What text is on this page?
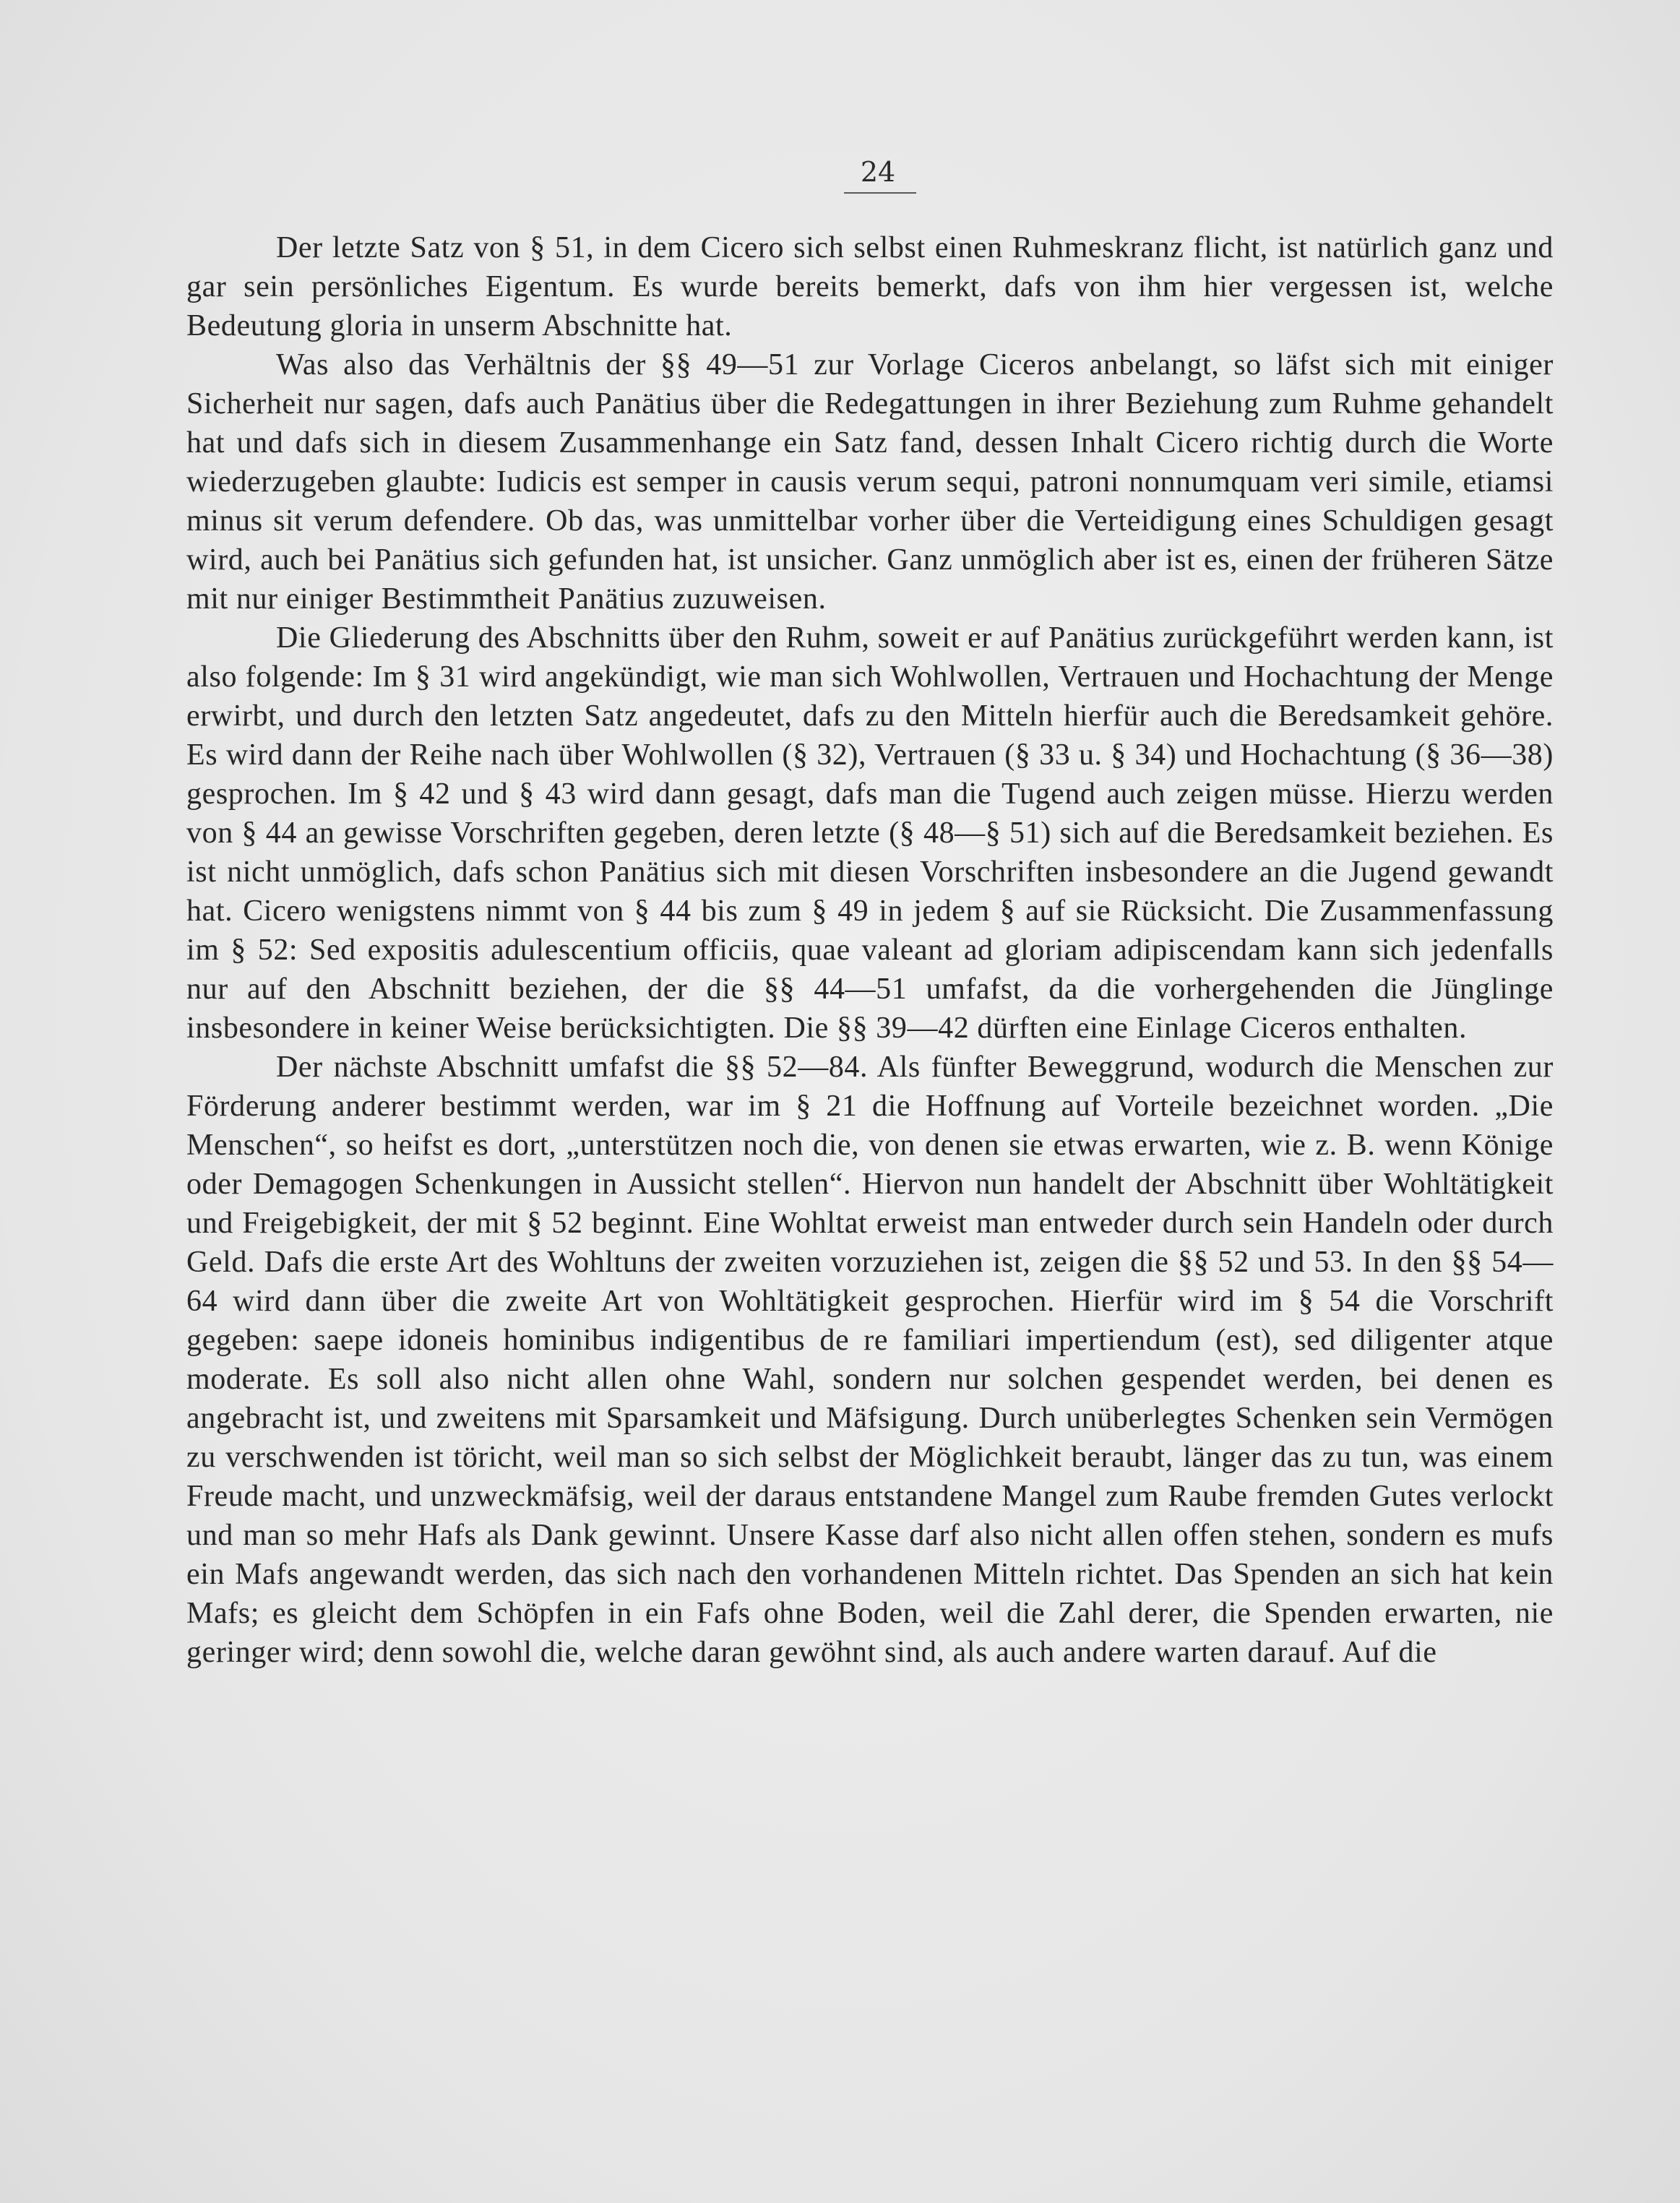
24

Der letzte Satz von § 51, in dem Cicero sich selbst einen Ruhmeskranz flicht, ist natürlich ganz und gar sein persönliches Eigentum. Es wurde bereits bemerkt, dafs von ihm hier vergessen ist, welche Bedeutung gloria in unserm Abschnitte hat.

Was also das Verhältnis der §§ 49—51 zur Vorlage Ciceros anbelangt, so läfst sich mit einiger Sicherheit nur sagen, dafs auch Panätius über die Redegattungen in ihrer Beziehung zum Ruhme gehandelt hat und dafs sich in diesem Zusammenhange ein Satz fand, dessen Inhalt Cicero richtig durch die Worte wiederzugeben glaubte: Iudicis est semper in causis verum sequi, patroni nonnumquam veri simile, etiamsi minus sit verum defendere. Ob das, was unmittelbar vorher über die Verteidigung eines Schuldigen gesagt wird, auch bei Panätius sich gefunden hat, ist unsicher. Ganz unmöglich aber ist es, einen der früheren Sätze mit nur einiger Bestimmtheit Panätius zuzuweisen.

Die Gliederung des Abschnitts über den Ruhm, soweit er auf Panätius zurückgeführt werden kann, ist also folgende: Im § 31 wird angekündigt, wie man sich Wohlwollen, Vertrauen und Hochachtung der Menge erwirbt, und durch den letzten Satz angedeutet, dafs zu den Mitteln hierfür auch die Beredsamkeit gehöre. Es wird dann der Reihe nach über Wohlwollen (§ 32), Vertrauen (§ 33 u. § 34) und Hochachtung (§ 36—38) gesprochen. Im § 42 und § 43 wird dann gesagt, dafs man die Tugend auch zeigen müsse. Hierzu werden von § 44 an gewisse Vorschriften gegeben, deren letzte (§ 48—§ 51) sich auf die Beredsamkeit beziehen. Es ist nicht unmöglich, dafs schon Panätius sich mit diesen Vorschriften insbesondere an die Jugend gewandt hat. Cicero wenigstens nimmt von § 44 bis zum § 49 in jedem § auf sie Rücksicht. Die Zusammenfassung im § 52: Sed expositis adulescentium officiis, quae valeant ad gloriam adipiscendam kann sich jedenfalls nur auf den Abschnitt beziehen, der die §§ 44—51 umfafst, da die vorhergehenden die Jünglinge insbesondere in keiner Weise berücksichtigten. Die §§ 39—42 dürften eine Einlage Ciceros enthalten.

Der nächste Abschnitt umfafst die §§ 52—84. Als fünfter Beweggrund, wodurch die Menschen zur Förderung anderer bestimmt werden, war im § 21 die Hoffnung auf Vorteile bezeichnet worden. „Die Menschen“, so heifst es dort, „unterstützen noch die, von denen sie etwas erwarten, wie z. B. wenn Könige oder Demagogen Schenkungen in Aussicht stellen“. Hiervon nun handelt der Abschnitt über Wohltätigkeit und Freigebigkeit, der mit § 52 beginnt. Eine Wohltat erweist man entweder durch sein Handeln oder durch Geld. Dafs die erste Art des Wohltuns der zweiten vorzuziehen ist, zeigen die §§ 52 und 53. In den §§ 54—64 wird dann über die zweite Art von Wohltätigkeit gesprochen. Hierfür wird im § 54 die Vorschrift gegeben: saepe idoneis hominibus indigentibus de re familiari impertiendum (est), sed diligenter atque moderate. Es soll also nicht allen ohne Wahl, sondern nur solchen gespendet werden, bei denen es angebracht ist, und zweitens mit Sparsamkeit und Mäfsigung. Durch unüberlegtes Schenken sein Vermögen zu verschwenden ist töricht, weil man so sich selbst der Möglichkeit beraubt, länger das zu tun, was einem Freude macht, und unzweckmäfsig, weil der daraus entstandene Mangel zum Raube fremden Gutes verlockt und man so mehr Hafs als Dank gewinnt. Unsere Kasse darf also nicht allen offen stehen, sondern es mufs ein Mafs angewandt werden, das sich nach den vorhandenen Mitteln richtet. Das Spenden an sich hat kein Mafs; es gleicht dem Schöpfen in ein Fafs ohne Boden, weil die Zahl derer, die Spenden erwarten, nie geringer wird; denn sowohl die, welche daran gewöhnt sind, als auch andere warten darauf. Auf die
